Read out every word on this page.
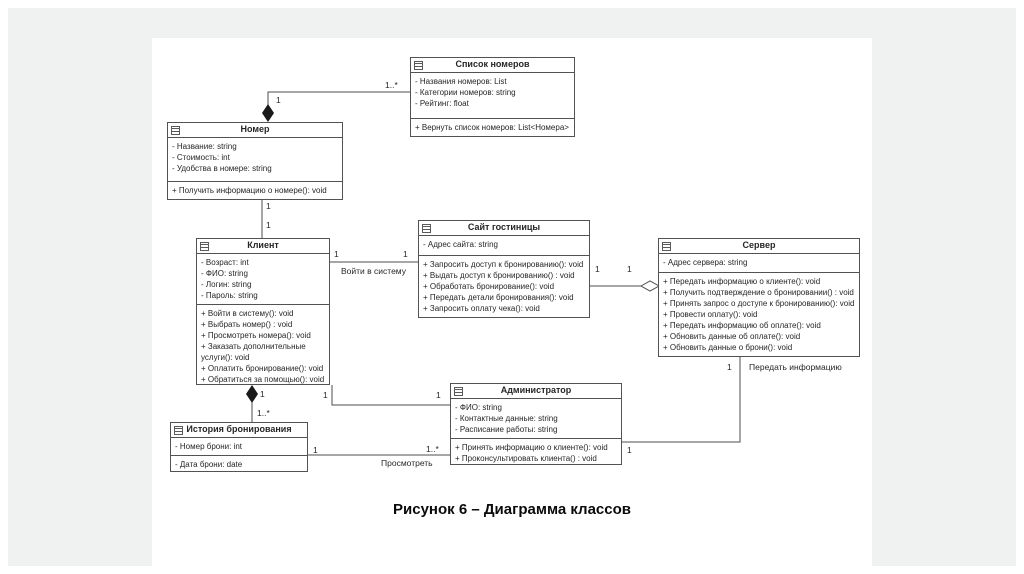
Список номеров
- Названия номеров: List
- Категории номеров: string
- Рейтинг: float
+ Вернуть список номеров: List<Номера>
Номер
- Название: string
- Стоимость: int
- Удобства в номере: string
+ Получить информацию о номере(): void
Клиент
- Возраст: int
- ФИО: string
- Логин: string
- Пароль: string
+ Войти в систему(): void
+ Выбрать номер() : void
+ Просмотреть номера(): void
+ Заказать дополнительные услуги(): void
+ Оплатить бронирование(): void
+ Обратиться за помощью(): void
Сайт гостиницы
- Адрес сайта: string
+ Запросить доступ к бронированию(): void
+ Выдать доступ к бронированию() : void
+ Обработать бронирование(): void
+ Передать детали бронирования(): void
+ Запросить оплату чека(): void
Сервер
- Адрес сервера: string
+ Передать информацию о клиенте(): void
+ Получить подтверждение о бронировании() : void
+ Принять запрос о доступе к бронированию(): void
+ Провести оплату(): void
+ Передать информацию об оплате(): void
+ Обновить данные об оплате(): void
+ Обновить данные о брони(): void
Администратор
- ФИО: string
- Контактные данные: string
- Расписание работы: string
+ Принять информацию о клиенте(): void
+ Проконсультировать клиента() : void
История бронирования
- Номер брони: int
- Дата брони: date
1..*
1
1
1
1	1
Войти в систему	1	1
1	1
1
1..*
1	1..*
Просмотреть
1 Передать информацию
1
Рисунок 6 – Диаграмма классов
